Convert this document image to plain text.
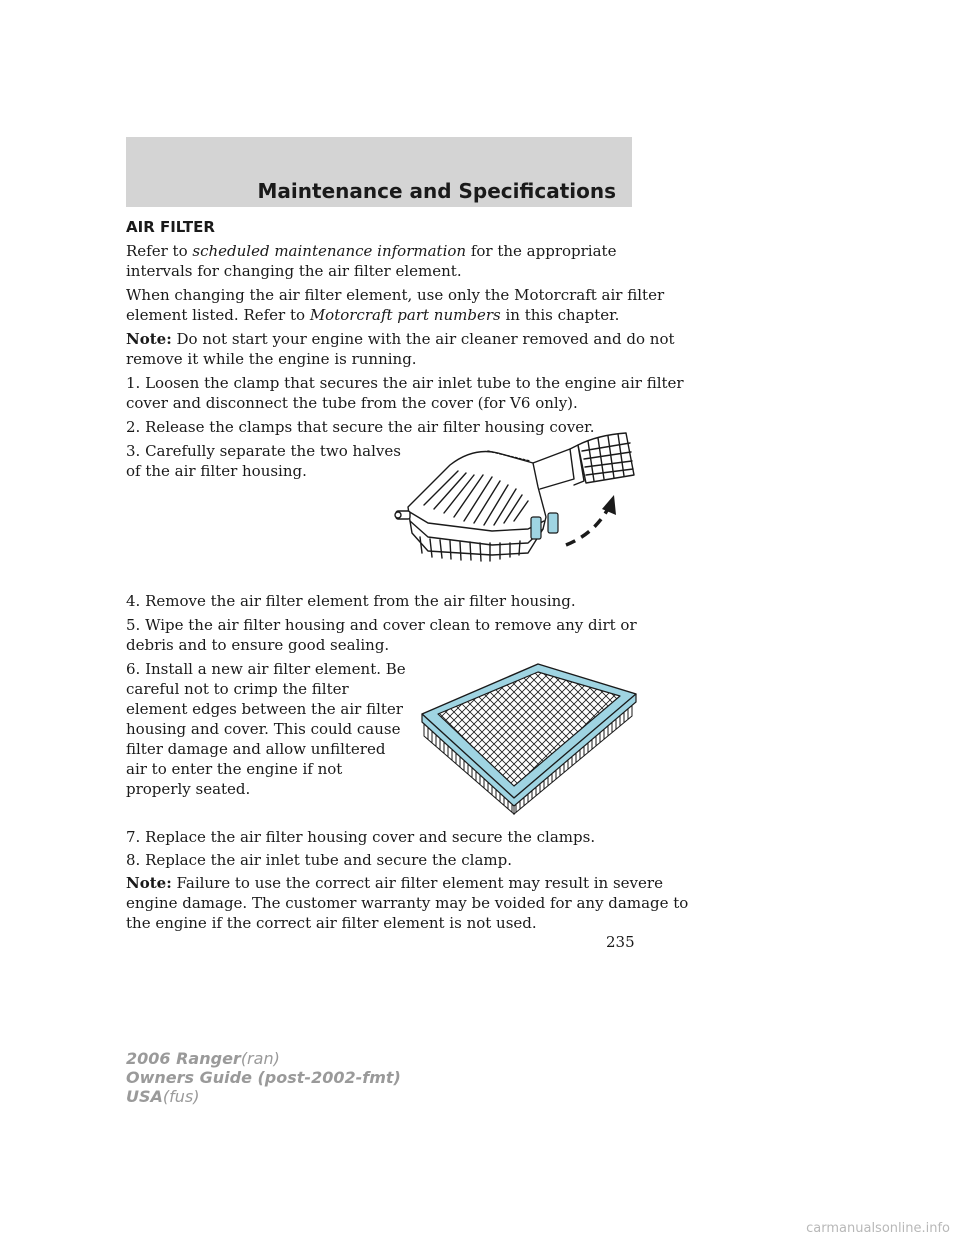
Maintenance and Specifications
AIR FILTER
Refer to scheduled maintenance information for the appropriate
intervals for changing the air filter element.
When changing the air filter element, use only the Motorcraft air filter
element listed. Refer to Motorcraft part numbers in this chapter.
Note: Do not start your engine with the air cleaner removed and do not
remove it while the engine is running.
1. Loosen the clamp that secures the air inlet tube to the engine air filter
cover and disconnect the tube from the cover (for V6 only).
2. Release the clamps that secure the air filter housing cover.
3. Carefully separate the two halves
of the air filter housing.
4. Remove the air filter element from the air filter housing.
5. Wipe the air filter housing and cover clean to remove any dirt or
debris and to ensure good sealing.
6. Install a new air filter element. Be
careful not to crimp the filter
element edges between the air filter
housing and cover. This could cause
filter damage and allow unfiltered
air to enter the engine if not
properly seated.
7. Replace the air filter housing cover and secure the clamps.
8. Replace the air inlet tube and secure the clamp.
Note: Failure to use the correct air filter element may result in severe
engine damage. The customer warranty may be voided for any damage to
the engine if the correct air filter element is not used.
235
2006 Ranger(ran)
Owners Guide (post-2002-fmt)
USA(fus)
carmanualsonline.info
